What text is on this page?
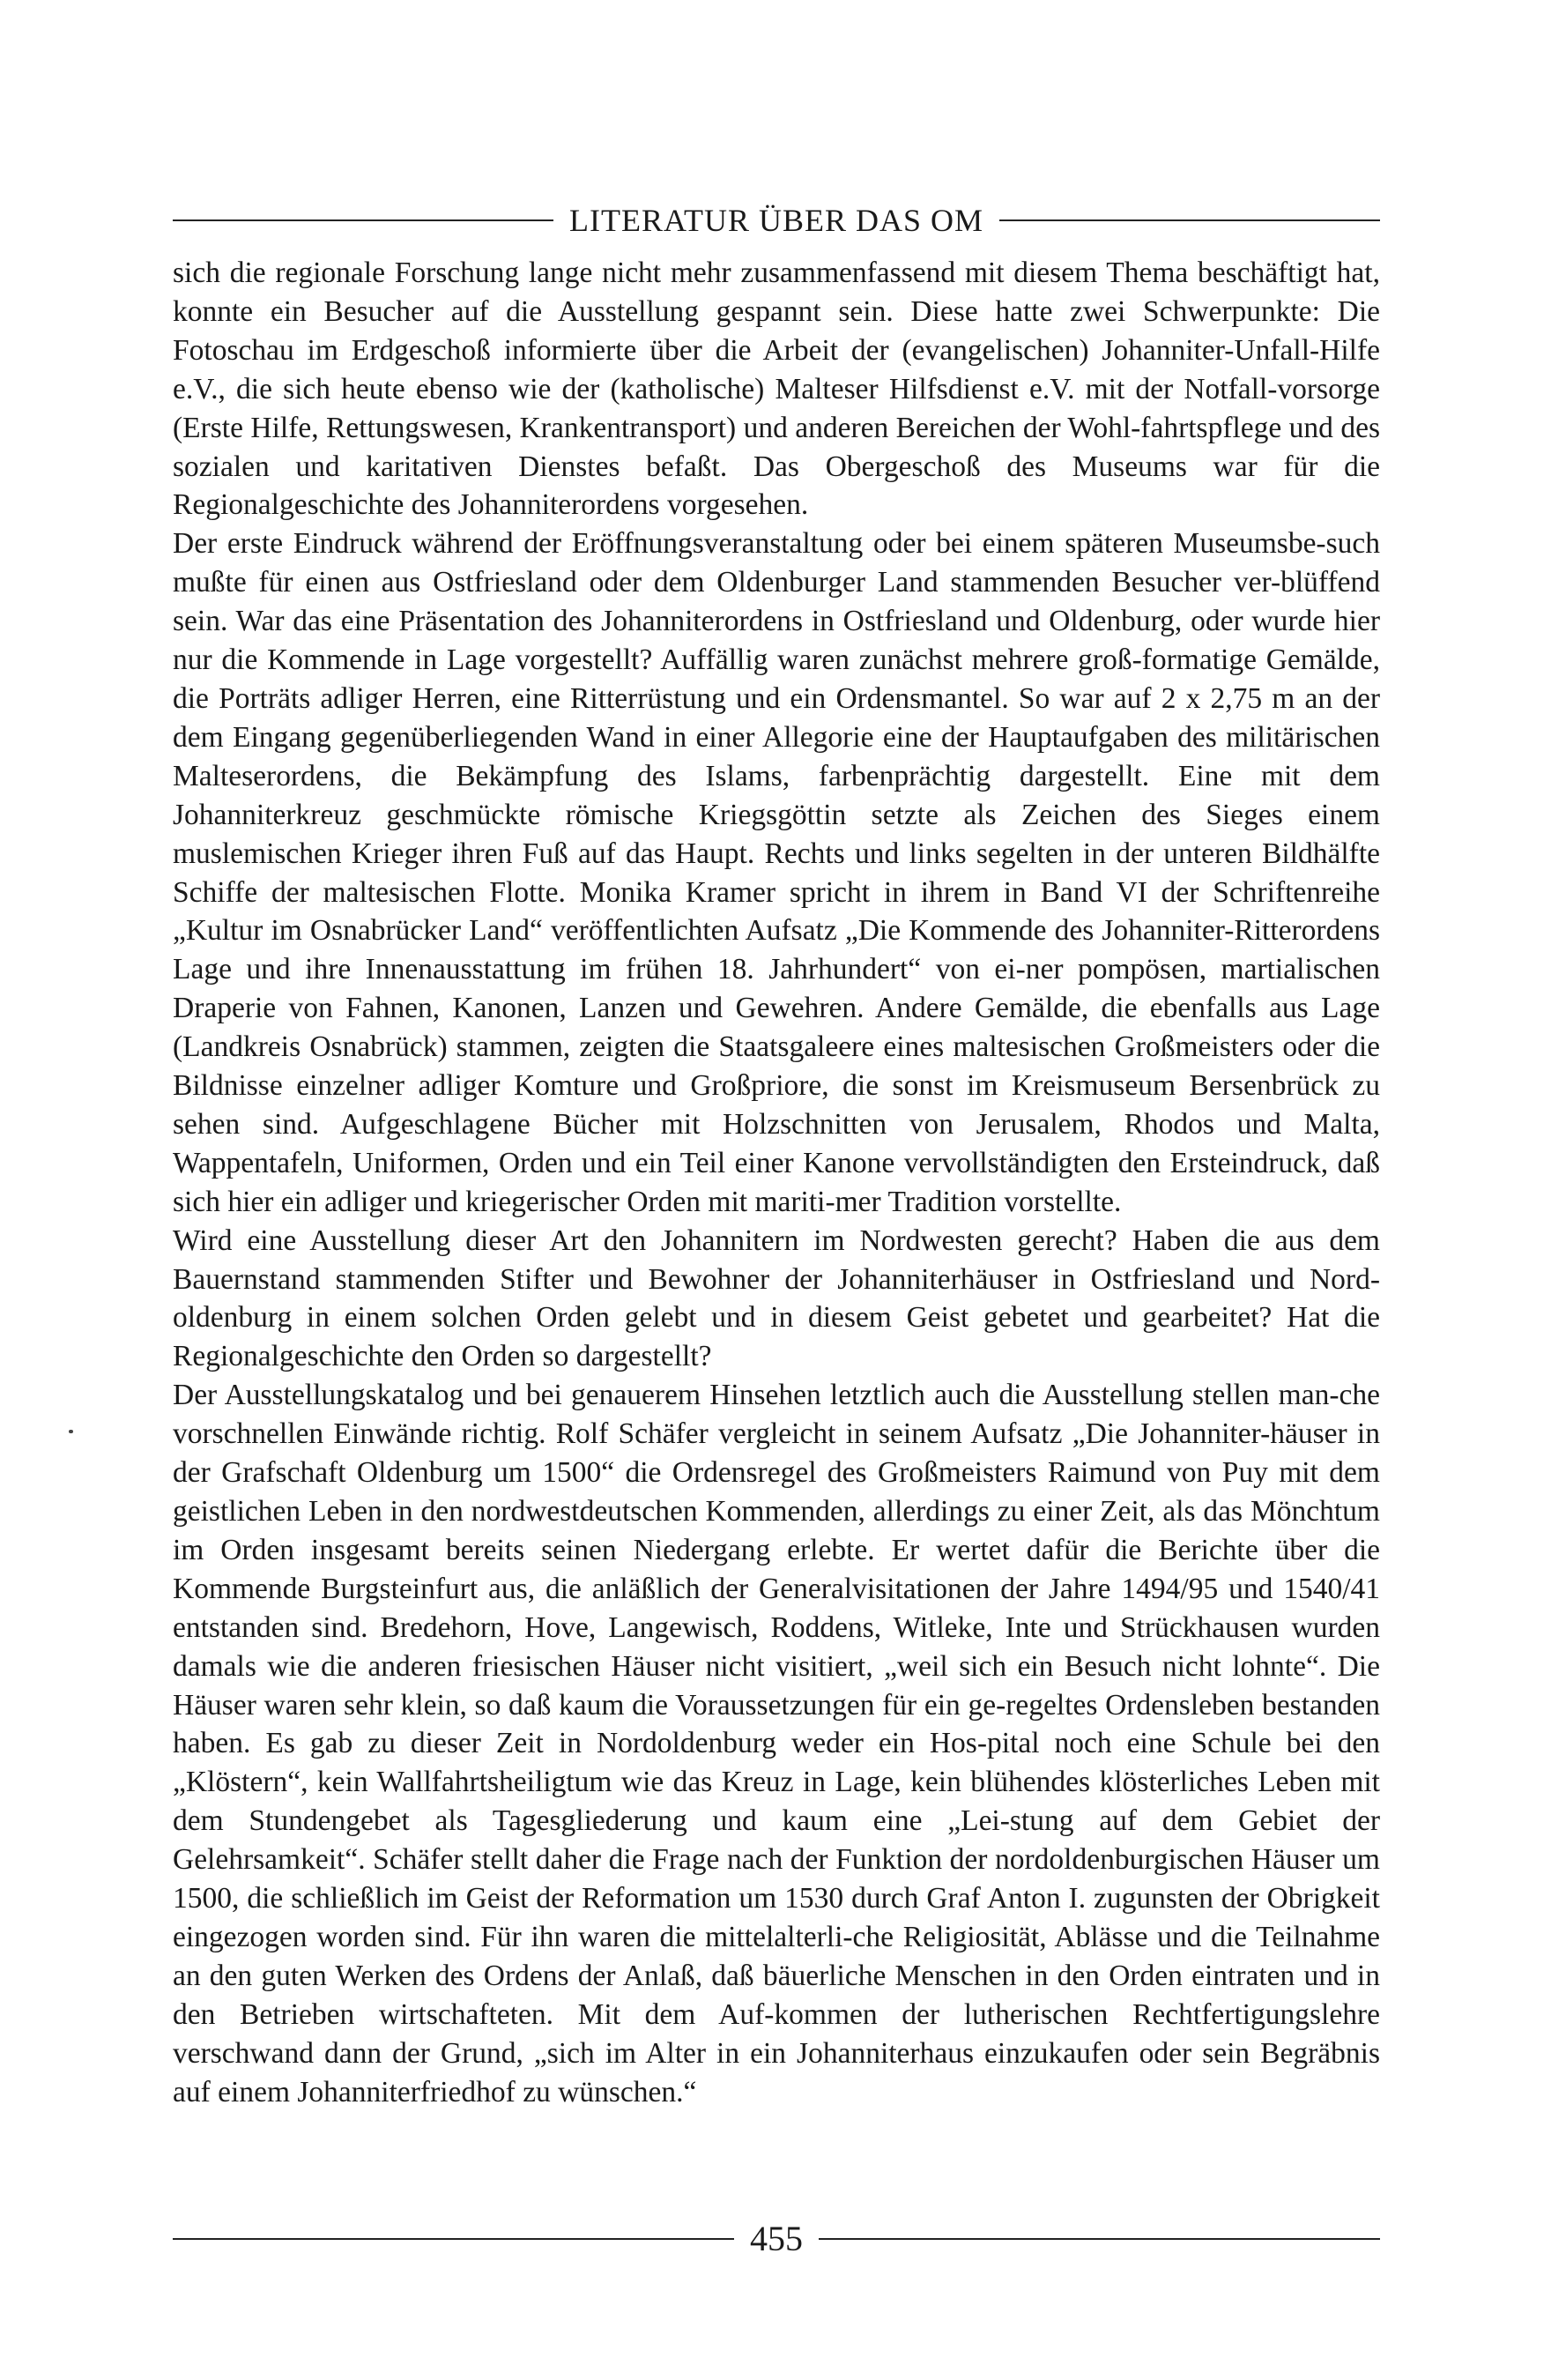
LITERATUR ÜBER DAS OM

sich die regionale Forschung lange nicht mehr zusammenfassend mit diesem Thema beschäftigt hat, konnte ein Besucher auf die Ausstellung gespannt sein. Diese hatte zwei Schwerpunkte: Die Fotoschau im Erdgeschoß informierte über die Arbeit der (evangelischen) Johanniter-Unfall-Hilfe e.V., die sich heute ebenso wie der (katholische) Malteser Hilfsdienst e.V. mit der Notfall-vorsorge (Erste Hilfe, Rettungswesen, Krankentransport) und anderen Bereichen der Wohl-fahrtspflege und des sozialen und karitativen Dienstes befaßt. Das Obergeschoß des Museums war für die Regionalgeschichte des Johanniterordens vorgesehen.

Der erste Eindruck während der Eröffnungsveranstaltung oder bei einem späteren Museumsbe-such mußte für einen aus Ostfriesland oder dem Oldenburger Land stammenden Besucher ver-blüffend sein. War das eine Präsentation des Johanniterordens in Ostfriesland und Oldenburg, oder wurde hier nur die Kommende in Lage vorgestellt? Auffällig waren zunächst mehrere groß-formatige Gemälde, die Porträts adliger Herren, eine Ritterrüstung und ein Ordensmantel. So war auf 2 x 2,75 m an der dem Eingang gegenüberliegenden Wand in einer Allegorie eine der Hauptaufgaben des militärischen Malteserordens, die Bekämpfung des Islams, farbenprächtig dargestellt. Eine mit dem Johanniterkreuz geschmückte römische Kriegsgöttin setzte als Zeichen des Sieges einem muslemischen Krieger ihren Fuß auf das Haupt. Rechts und links segelten in der unteren Bildhälfte Schiffe der maltesischen Flotte. Monika Kramer spricht in ihrem in Band VI der Schriftenreihe „Kultur im Osnabrücker Land“ veröffentlichten Aufsatz „Die Kommende des Johanniter-Ritterordens Lage und ihre Innenausstattung im frühen 18. Jahrhundert“ von ei-ner pompösen, martialischen Draperie von Fahnen, Kanonen, Lanzen und Gewehren. Andere Gemälde, die ebenfalls aus Lage (Landkreis Osnabrück) stammen, zeigten die Staatsgaleere eines maltesischen Großmeisters oder die Bildnisse einzelner adliger Komture und Großpriore, die sonst im Kreismuseum Bersenbrück zu sehen sind. Aufgeschlagene Bücher mit Holzschnitten von Jerusalem, Rhodos und Malta, Wappentafeln, Uniformen, Orden und ein Teil einer Kanone vervollständigten den Ersteindruck, daß sich hier ein adliger und kriegerischer Orden mit mariti-mer Tradition vorstellte.

Wird eine Ausstellung dieser Art den Johannitern im Nordwesten gerecht? Haben die aus dem Bauernstand stammenden Stifter und Bewohner der Johanniterhäuser in Ostfriesland und Nord-oldenburg in einem solchen Orden gelebt und in diesem Geist gebetet und gearbeitet? Hat die Regionalgeschichte den Orden so dargestellt?

Der Ausstellungskatalog und bei genauerem Hinsehen letztlich auch die Ausstellung stellen man-che vorschnellen Einwände richtig. Rolf Schäfer vergleicht in seinem Aufsatz „Die Johanniter-häuser in der Grafschaft Oldenburg um 1500“ die Ordensregel des Großmeisters Raimund von Puy mit dem geistlichen Leben in den nordwestdeutschen Kommenden, allerdings zu einer Zeit, als das Mönchtum im Orden insgesamt bereits seinen Niedergang erlebte. Er wertet dafür die Berichte über die Kommende Burgsteinfurt aus, die anläßlich der Generalvisitationen der Jahre 1494/95 und 1540/41 entstanden sind. Bredehorn, Hove, Langewisch, Roddens, Witleke, Inte und Strückhausen wurden damals wie die anderen friesischen Häuser nicht visitiert, „weil sich ein Besuch nicht lohnte“. Die Häuser waren sehr klein, so daß kaum die Voraussetzungen für ein ge-regeltes Ordensleben bestanden haben. Es gab zu dieser Zeit in Nordoldenburg weder ein Hos-pital noch eine Schule bei den „Klöstern“, kein Wallfahrtsheiligtum wie das Kreuz in Lage, kein blühendes klösterliches Leben mit dem Stundengebet als Tagesgliederung und kaum eine „Lei-stung auf dem Gebiet der Gelehrsamkeit“. Schäfer stellt daher die Frage nach der Funktion der nordoldenburgischen Häuser um 1500, die schließlich im Geist der Reformation um 1530 durch Graf Anton I. zugunsten der Obrigkeit eingezogen worden sind. Für ihn waren die mittelalterli-che Religiosität, Ablässe und die Teilnahme an den guten Werken des Ordens der Anlaß, daß bäuerliche Menschen in den Orden eintraten und in den Betrieben wirtschafteten. Mit dem Auf-kommen der lutherischen Rechtfertigungslehre verschwand dann der Grund, „sich im Alter in ein Johanniterhaus einzukaufen oder sein Begräbnis auf einem Johanniterfriedhof zu wünschen.“

455
